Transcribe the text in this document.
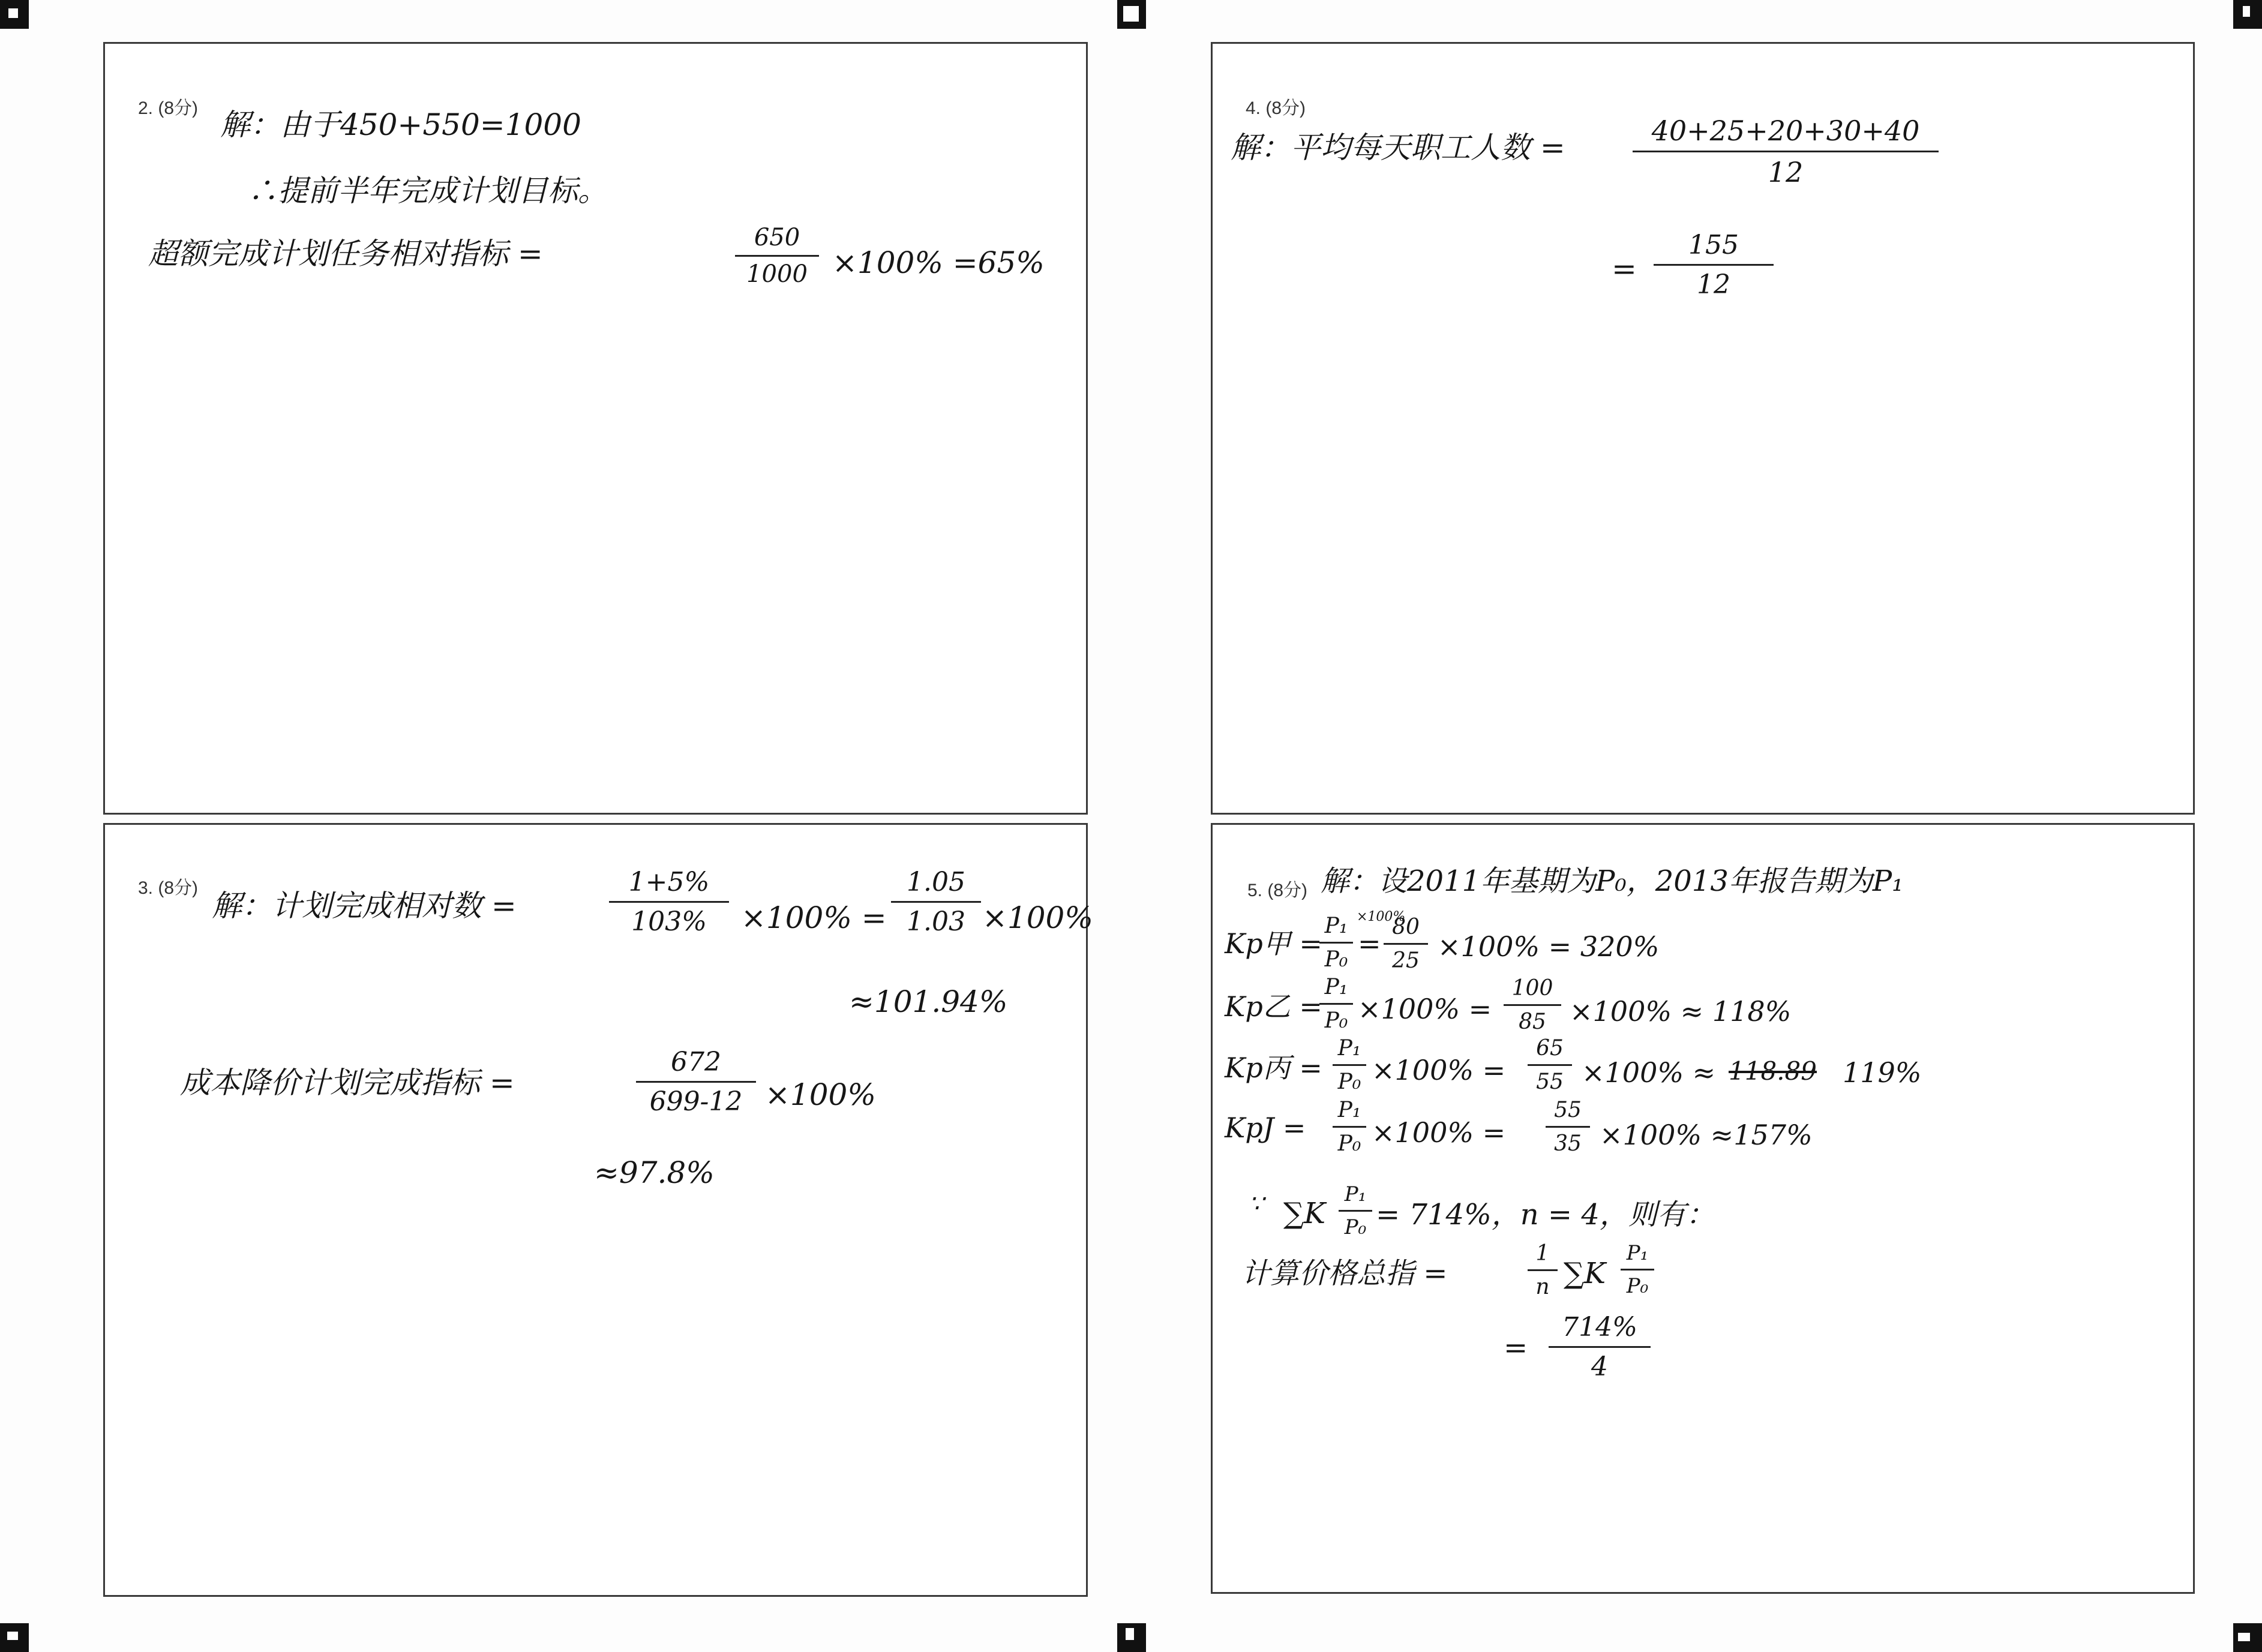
2. (8分) 解：由于450+550=1000
∴提前半年完成计划目标。
超额完成计划任务相对指标 =	650
1000 ×100% =65%
4. (8分)
解：平均每天职工人数 =	40+25+20+30+40
12
=
155
12
3. (8分)
解：计划完成相对数 =
1+5%
103%	×100% =
1.05
1.03 ×100%
≈101.94%
成本降价计划完成指标 =
672
699-12 ×100%
≈97.8%
5. (8分) 解：设2011年基期为P₀，2013年报告期为P₁
Kp甲 =
P₁
P₀ =
×100%
80
25 ×100% = 320%
Kp乙 =
P₁
P₀ ×100% =
100
85 ×100% ≈ 118%
Kp丙 =
P₁
P₀ ×100% =
65
55 ×100% ≈ 118.89 119%
KpJ =
P₁
P₀ ×100% =
55
35 ×100% ≈157%
∵ ∑K
P₁
P₀ = 714%，n = 4，则有：
计算价格总指 =
1
n ∑K
P₁
P₀
=
714%
4
